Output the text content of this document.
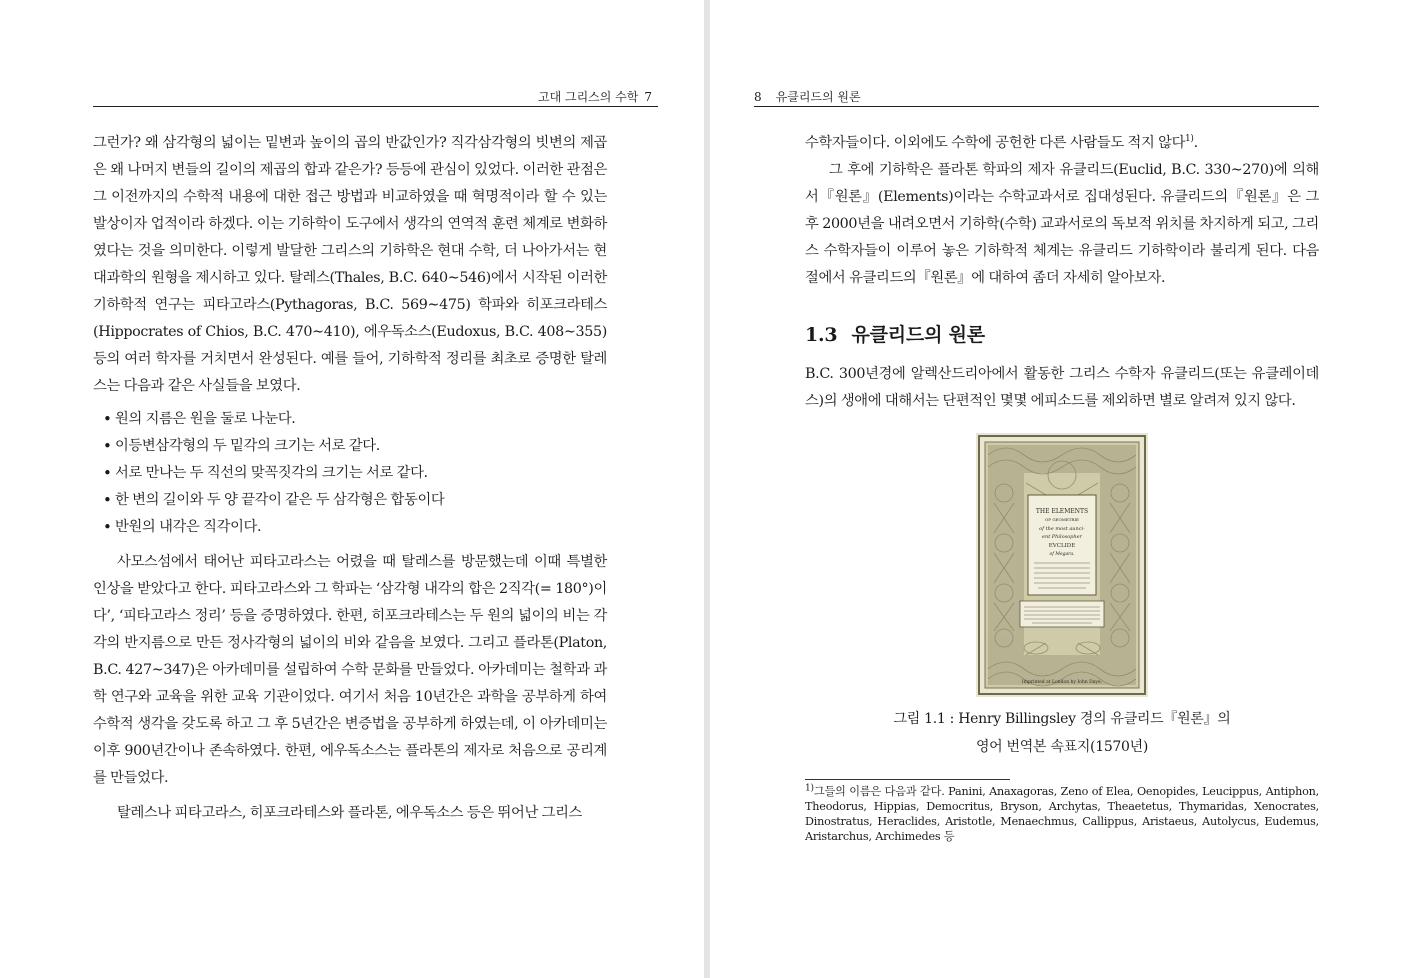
고대 그리스의 수학 7

그런가? 왜 삼각형의 넓이는 밑변과 높이의 곱의 반값인가? 직각삼각형의 빗변의 제곱은 왜 나머지 변들의 길이의 제곱의 합과 같은가? 등등에 관심이 있었다. 이러한 관점은 그 이전까지의 수학적 내용에 대한 접근 방법과 비교하였을 때 혁명적이라 할 수 있는 발상이자 업적이라 하겠다. 이는 기하학이 도구에서 생각의 연역적 훈련 체계로 변화하였다는 것을 의미한다. 이렇게 발달한 그리스의 기하학은 현대 수학, 더 나아가서는 현대과학의 원형을 제시하고 있다. 탈레스(Thales, B.C. 640∼546)에서 시작된 이러한 기하학적 연구는 피타고라스(Pythagoras, B.C. 569∼475) 학파와 히포크라테스(Hippocrates of Chios, B.C. 470∼410), 에우독소스(Eudoxus, B.C. 408∼355) 등의 여러 학자를 거치면서 완성된다. 예를 들어, 기하학적 정리를 최초로 증명한 탈레스는 다음과 같은 사실들을 보였다.

• 원의 지름은 원을 둘로 나눈다.
• 이등변삼각형의 두 밑각의 크기는 서로 같다.
• 서로 만나는 두 직선의 맞꼭짓각의 크기는 서로 같다.
• 한 변의 길이와 두 양 끝각이 같은 두 삼각형은 합동이다
• 반원의 내각은 직각이다.

사모스섬에서 태어난 피타고라스는 어렸을 때 탈레스를 방문했는데 이때 특별한 인상을 받았다고 한다. 피타고라스와 그 학파는 ‘삼각형 내각의 합은 2직각(= 180°)이다’, ‘피타고라스 정리’ 등을 증명하였다. 한편, 히포크라테스는 두 원의 넓이의 비는 각각의 반지름으로 만든 정사각형의 넓이의 비와 같음을 보였다. 그리고 플라톤(Platon, B.C. 427∼347)은 아카데미를 설립하여 수학 문화를 만들었다. 아카데미는 철학과 과학 연구와 교육을 위한 교육 기관이었다. 여기서 처음 10년간은 과학을 공부하게 하여 수학적 생각을 갖도록 하고 그 후 5년간은 변증법을 공부하게 하였는데, 이 아카데미는 이후 900년간이나 존속하였다. 한편, 에우독소스는 플라톤의 제자로 처음으로 공리계를 만들었다.

탈레스나 피타고라스, 히포크라테스와 플라톤, 에우독소스 등은 뛰어난 그리스

8 유클리드의 원론

수학자들이다. 이외에도 수학에 공헌한 다른 사람들도 적지 않다$^{1)}$.

그 후에 기하학은 플라톤 학파의 제자 유클리드(Euclid, B.C. 330∼270)에 의해서『원론』(Elements)이라는 수학교과서로 집대성된다. 유클리드의『원론』은 그 후 2000년을 내려오면서 기하학(수학) 교과서로의 독보적 위치를 차지하게 되고, 그리스 수학자들이 이루어 놓은 기하학적 체계는 유클리드 기하학이라 불리게 된다. 다음 절에서 유클리드의『원론』에 대하여 좀더 자세히 알아보자.

1.3 유클리드의 원론

B.C. 300년경에 알렉산드리아에서 활동한 그리스 수학자 유클리드(또는 유클레이데스)의 생애에 대해서는 단편적인 몇몇 에피소드를 제외하면 별로 알려져 있지 않다.

THE ELEMENTS
OF GEOMETRIE
of the most aunci-
ent Philosopher
EVCLIDE
of Megara.
Imprinted at London by Iohn Daye.
그림 1.1 : Henry Billingsley 경의 유클리드『원론』의
영어 번역본 속표지(1570년)
$^{1)}$그들의 이름은 다음과 같다. Panini, Anaxagoras, Zeno of Elea, Oenopides, Leucippus, Antiphon, Theodorus, Hippias, Democritus, Bryson, Archytas, Theaetetus, Thymaridas, Xenocrates, Dinostratus, Heraclides, Aristotle, Menaechmus, Callippus, Aristaeus, Autolycus, Eudemus, Aristarchus, Archimedes 등
